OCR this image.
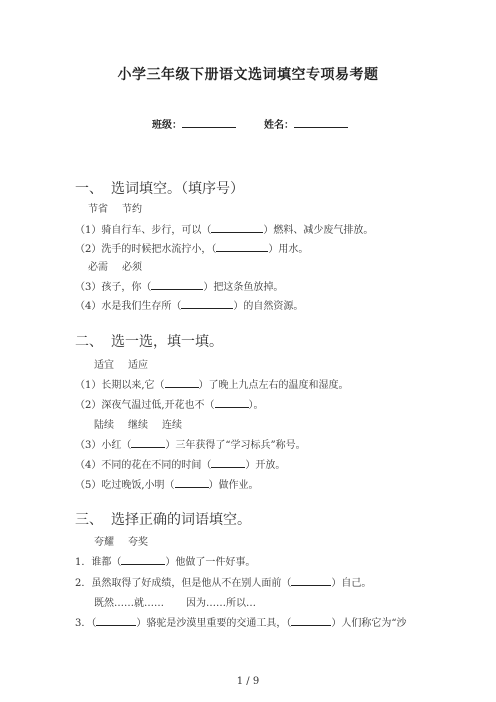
小学三年级下册语文选词填空专项易考题
班级：	姓名：
一、 选词填空。（填序号）
节省 节约
（1）骑自行车、步行，可以（	）燃料、减少废气排放。
（2）洗手的时候把水流拧小，（	）用水。
必需 必须
（3）孩子，你（	）把这条鱼放掉。
（4）水是我们生存所（	）的自然资源。
二、 选一选，填一填。
适宜 适应
（1）长期以来,它（	）了晚上九点左右的温度和湿度。
（2）深夜气温过低,开花也不（	）。
陆续 继续 连续
（3）小红（	）三年获得了“学习标兵”称号。
（4）不同的花在不同的时间（	）开放。
（5）吃过晚饭,小明（	）做作业。
三、 选择正确的词语填空。
夸耀 夸奖
1．谁都（	）他做了一件好事。
2．虽然取得了好成绩，但是他从不在别人面前（	）自己。
既然……就…… 因为……所以…
3．（	）骆驼是沙漠里重要的交通工具，（	）人们称它为“沙
1 / 9
